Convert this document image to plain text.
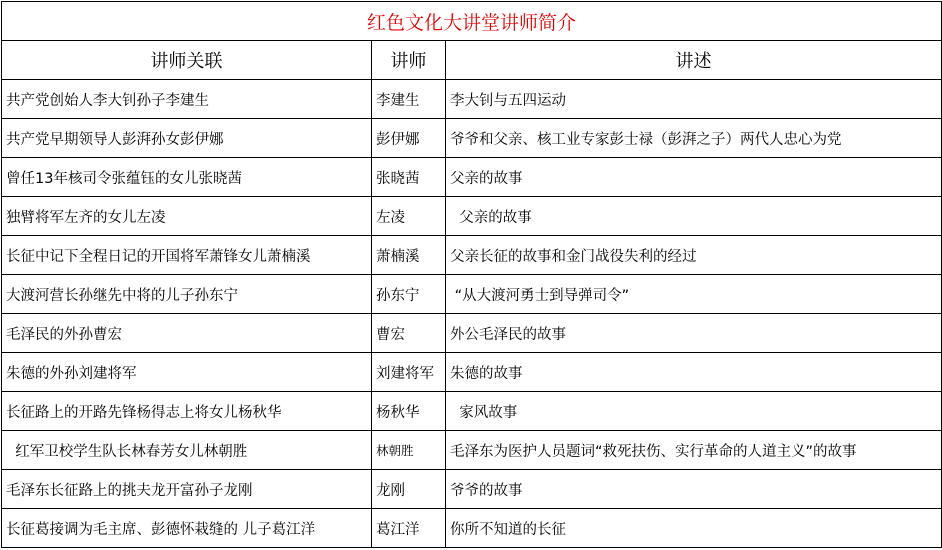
红色文化大讲堂讲师简介		
讲师关联	讲师	讲述
共产党创始人李大钊孙子李建生	李建生	李大钊与五四运动
共产党早期领导人彭湃孙女彭伊娜	彭伊娜	爷爷和父亲、核工业专家彭士禄（彭湃之子）两代人忠心为党
曾任13年核司令张蕴钰的女儿张晓茜	张晓茜	父亲的故事
独臂将军左齐的女儿左凌	左凌	父亲的故事
长征中记下全程日记的开国将军萧锋女儿萧楠溪	萧楠溪	父亲长征的故事和金门战役失利的经过
大渡河营长孙继先中将的儿子孙东宁	孙东宁	“从大渡河勇士到导弹司令”
毛泽民的外孙曹宏	曹宏	外公毛泽民的故事
朱德的外孙刘建将军	刘建将军	朱德的故事
长征路上的开路先锋杨得志上将女儿杨秋华	杨秋华	家风故事
红军卫校学生队长林春芳女儿林朝胜	林朝胜	毛泽东为医护人员题词“救死扶伤、实行革命的人道主义”的故事
毛泽东长征路上的挑夫龙开富孙子龙刚	龙刚	爷爷的故事
长征葛接调为毛主席、彭德怀栽缝的 儿子葛江洋	葛江洋	你所不知道的长征
